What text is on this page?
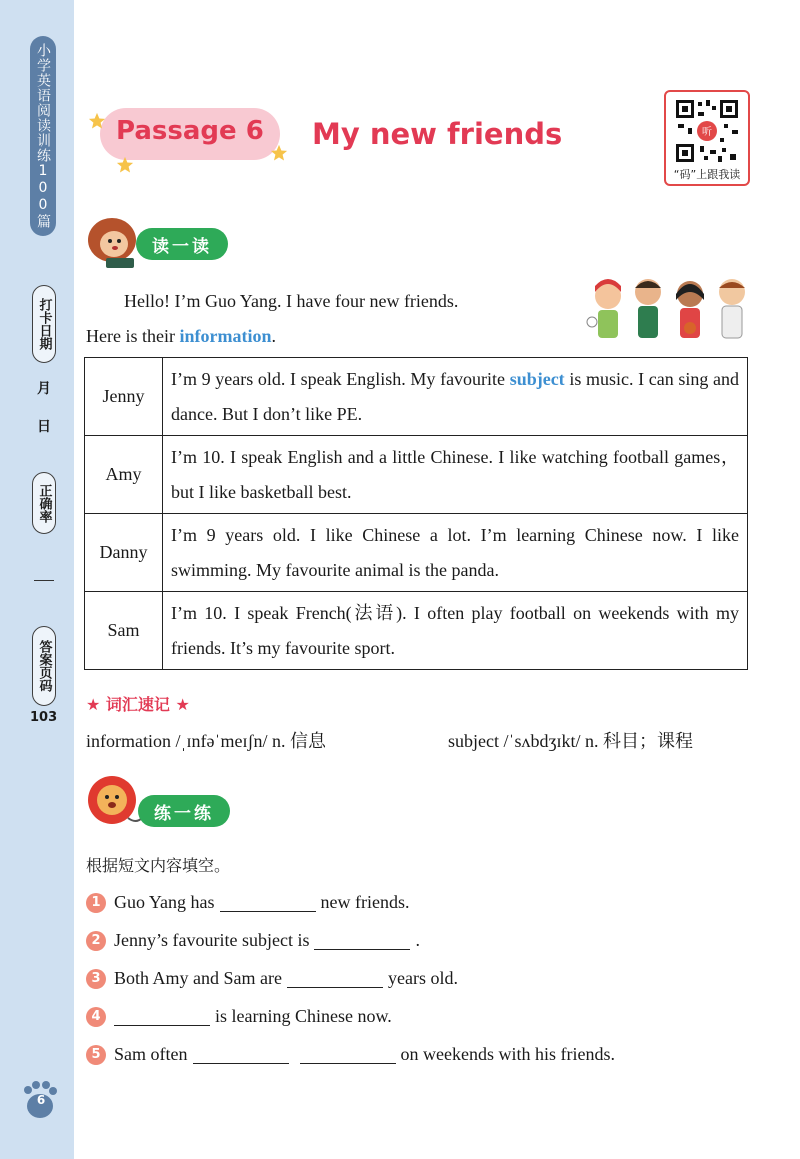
小学英语阅读训练100篇
打卡日期
月
日
正确率
答案页码
103
6
Passage 6	My new friends	听
“码”上跟我读
读一读
Hello! I’m Guo Yang. I have four new friends.
Here is their information.
Jenny	I’m 9 years old. I speak English. My favourite subject is music. I can sing and dance. But I don’t like PE.
Amy	I’m 10. I speak English and a little Chinese. I like watching football games，but I like basketball best.
Danny	I’m 9 years old. I like Chinese a lot. I’m learning Chinese now. I like swimming. My favourite animal is the panda.
Sam	I’m 10. I speak French(法语). I often play football on weekends with my friends. It’s my favourite sport.
★ 词汇速记 ★
information /ˌɪnfəˈmeɪʃn/ n. 信息	subject /ˈsʌbdʒɪkt/ n. 科目；课程
练一练
根据短文内容填空。
1 Guo Yang has	new friends.
2 Jenny’s favourite subject is	.
3 Both Amy and Sam are	years old.
4	is learning Chinese now.
5 Sam often	on weekends with his friends.
